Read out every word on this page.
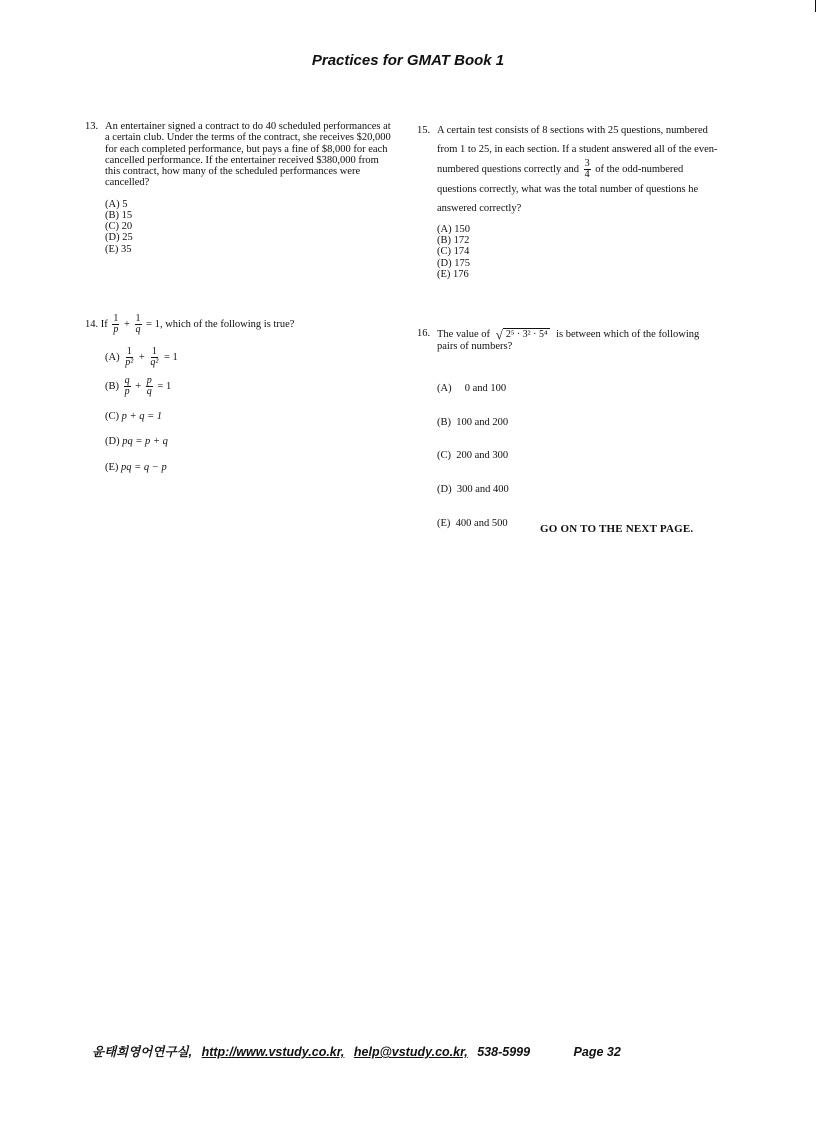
Practices for GMAT Book 1
13. An entertainer signed a contract to do 40 scheduled performances at a certain club. Under the terms of the contract, she receives $20,000 for each completed performance, but pays a fine of $8,000 for each cancelled performance. If the entertainer received $380,000 from this contract, how many of the scheduled performances were cancelled?
(A) 5
(B) 15
(C) 20
(D) 25
(E) 35
14. If $\frac{1}{p} + \frac{1}{q} = 1$, which of the following is true?
$(A) \frac{1}{\text{p²}} + \frac{1}{\text{q²}} = 1$
$(B) \frac{q}{p} + \frac{p}{q} = 1$
(C) p + q = 1
(D) pq = p + q
(E) pq = q − p
15. A certain test consists of 8 sections with 25 questions, numbered from 1 to 25, in each section. If a student answered all of the even-numbered questions correctly and $\frac{3}{4}$ of the odd-numbered questions correctly, what was the total number of questions he answered correctly?
(A) 150
(B) 172
(C) 174
(D) 175
(E) 176
16. The value of √ 2⁵ · 3² · 5⁴ is between which of the following pairs of numbers?

(A)     0 and 100

(B)  100 and 200

(C)  200 and 300

(D)  300 and 400

(E)  400 and 500

	GO ON TO THE NEXT PAGE.
윤태희영어연구실, http://www.vstudy.co.kr, help@vstudy.co.kr, 538-5999	Page 32
